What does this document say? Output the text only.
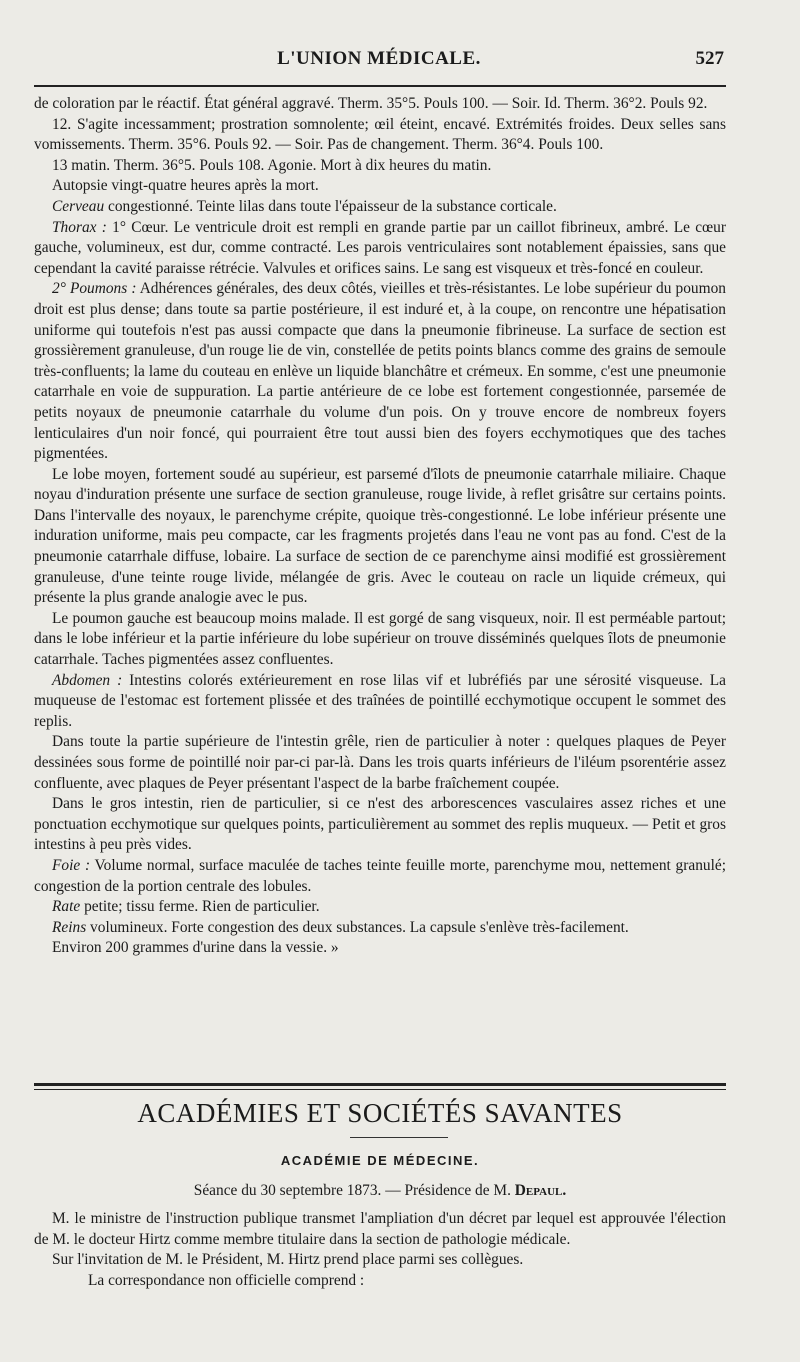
L'UNION MÉDICALE.	527

de coloration par le réactif. État général aggravé. Therm. 35°5. Pouls 100. — Soir. Id. Therm. 36°2. Pouls 92.

12. S'agite incessamment; prostration somnolente; œil éteint, encavé. Extrémités froides. Deux selles sans vomissements. Therm. 35°6. Pouls 92. — Soir. Pas de changement. Therm. 36°4. Pouls 100.

13 matin. Therm. 36°5. Pouls 108. Agonie. Mort à dix heures du matin.

Autopsie vingt-quatre heures après la mort.

Cerveau congestionné. Teinte lilas dans toute l'épaisseur de la substance corticale.

Thorax : 1° Cœur. Le ventricule droit est rempli en grande partie par un caillot fibrineux, ambré. Le cœur gauche, volumineux, est dur, comme contracté. Les parois ventriculaires sont notablement épaissies, sans que cependant la cavité paraisse rétrécie. Valvules et orifices sains. Le sang est visqueux et très-foncé en couleur.

2° Poumons : Adhérences générales, des deux côtés, vieilles et très-résistantes. Le lobe supérieur du poumon droit est plus dense; dans toute sa partie postérieure, il est induré et, à la coupe, on rencontre une hépatisation uniforme qui toutefois n'est pas aussi compacte que dans la pneumonie fibrineuse. La surface de section est grossièrement granuleuse, d'un rouge lie de vin, constellée de petits points blancs comme des grains de semoule très-confluents; la lame du couteau en enlève un liquide blanchâtre et crémeux. En somme, c'est une pneumonie catarrhale en voie de suppuration. La partie antérieure de ce lobe est fortement congestionnée, parsemée de petits noyaux de pneumonie catarrhale du volume d'un pois. On y trouve encore de nombreux foyers lenticulaires d'un noir foncé, qui pourraient être tout aussi bien des foyers ecchymotiques que des taches pigmentées.

Le lobe moyen, fortement soudé au supérieur, est parsemé d'îlots de pneumonie catarrhale miliaire. Chaque noyau d'induration présente une surface de section granuleuse, rouge livide, à reflet grisâtre sur certains points. Dans l'intervalle des noyaux, le parenchyme crépite, quoique très-congestionné. Le lobe inférieur présente une induration uniforme, mais peu compacte, car les fragments projetés dans l'eau ne vont pas au fond. C'est de la pneumonie catarrhale diffuse, lobaire. La surface de section de ce parenchyme ainsi modifié est grossièrement granuleuse, d'une teinte rouge livide, mélangée de gris. Avec le couteau on racle un liquide crémeux, qui présente la plus grande analogie avec le pus.

Le poumon gauche est beaucoup moins malade. Il est gorgé de sang visqueux, noir. Il est perméable partout; dans le lobe inférieur et la partie inférieure du lobe supérieur on trouve disséminés quelques îlots de pneumonie catarrhale. Taches pigmentées assez confluentes.

Abdomen : Intestins colorés extérieurement en rose lilas vif et lubréfiés par une sérosité visqueuse. La muqueuse de l'estomac est fortement plissée et des traînées de pointillé ecchymotique occupent le sommet des replis.

Dans toute la partie supérieure de l'intestin grêle, rien de particulier à noter : quelques plaques de Peyer dessinées sous forme de pointillé noir par-ci par-là. Dans les trois quarts inférieurs de l'iléum psorentérie assez confluente, avec plaques de Peyer présentant l'aspect de la barbe fraîchement coupée.

Dans le gros intestin, rien de particulier, si ce n'est des arborescences vasculaires assez riches et une ponctuation ecchymotique sur quelques points, particulièrement au sommet des replis muqueux. — Petit et gros intestins à peu près vides.

Foie : Volume normal, surface maculée de taches teinte feuille morte, parenchyme mou, nettement granulé; congestion de la portion centrale des lobules.

Rate petite; tissu ferme. Rien de particulier.

Reins volumineux. Forte congestion des deux substances. La capsule s'enlève très-facilement.

Environ 200 grammes d'urine dans la vessie. »

ACADÉMIES ET SOCIÉTÉS SAVANTES
ACADÉMIE DE MÉDECINE.
Séance du 30 septembre 1873. — Présidence de M. Depaul.

M. le ministre de l'instruction publique transmet l'ampliation d'un décret par lequel est approuvée l'élection de M. le docteur Hirtz comme membre titulaire dans la section de pathologie médicale.

Sur l'invitation de M. le Président, M. Hirtz prend place parmi ses collègues.

La correspondance non officielle comprend :
